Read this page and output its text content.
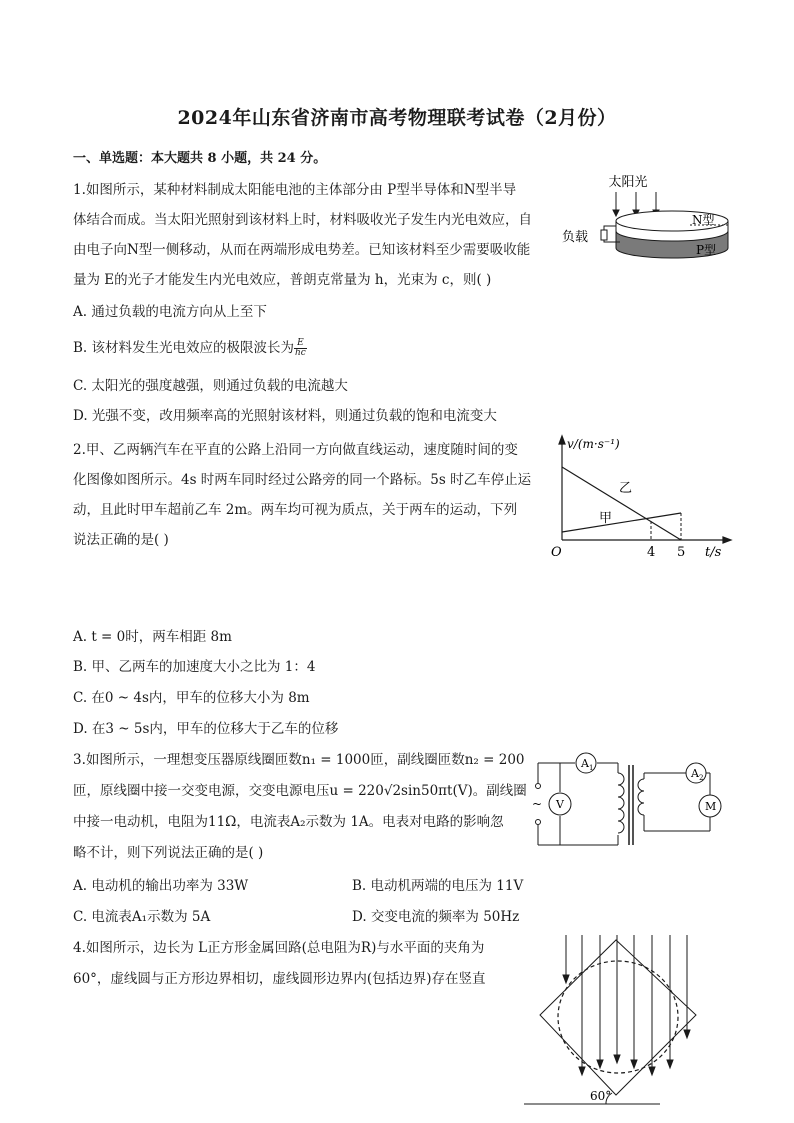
2024年山东省济南市高考物理联考试卷（2月份）
一、单选题：本大题共 8 小题，共 24 分。
1.如图所示，某种材料制成太阳能电池的主体部分由 P型半导体和N型半导
体结合而成。当太阳光照射到该材料上时，材料吸收光子发生内光电效应，自
由电子向N型一侧移动，从而在两端形成电势差。已知该材料至少需要吸收能
量为 E的光子才能发生内光电效应，普朗克常量为 h，光束为 c，则( )
A. 通过负载的电流方向从上至下
B. 该材料发生光电效应的极限波长为 $\frac{E}{hc}$
C. 太阳光的强度越强，则通过负载的电流越大
D. 光强不变，改用频率高的光照射该材料，则通过负载的饱和电流变大
太阳光
负载
N型
P型
2.甲、乙两辆汽车在平直的公路上沿同一方向做直线运动，速度随时间的变
化图像如图所示。4s 时两车同时经过公路旁的同一个路标。5s 时乙车停止运
动，且此时甲车超前乙车 2m。两车均可视为质点，关于两车的运动，下列
说法正确的是( )
v/(m·s⁻¹)
t/s
O	4 5
乙
甲
A. t = 0时，两车相距 8m
B. 甲、乙两车的加速度大小之比为 1：4
C. 在0 ~ 4s内，甲车的位移大小为 8m
D. 在3 ~ 5s内，甲车的位移大于乙车的位移
3.如图所示，一理想变压器原线圈匝数n₁ = 1000匝，副线圈匝数n₂ = 200
匝，原线圈中接一交变电源，交变电源电压u = 220√2sin50πt(V)。副线圈
中接一电动机，电阻为11Ω，电流表A₂示数为 1A。电表对电路的影响忽
略不计，则下列说法正确的是( )
$A_1$	$A_2$
V	M
~
A. 电动机的输出功率为 33W	B. 电动机两端的电压为 11V
C. 电流表A₁示数为 5A	D. 交变电流的频率为 50Hz
4.如图所示，边长为 L正方形金属回路(总电阻为R)与水平面的夹角为
60°，虚线圆与正方形边界相切，虚线圆形边界内(包括边界)存在竖直
60°
